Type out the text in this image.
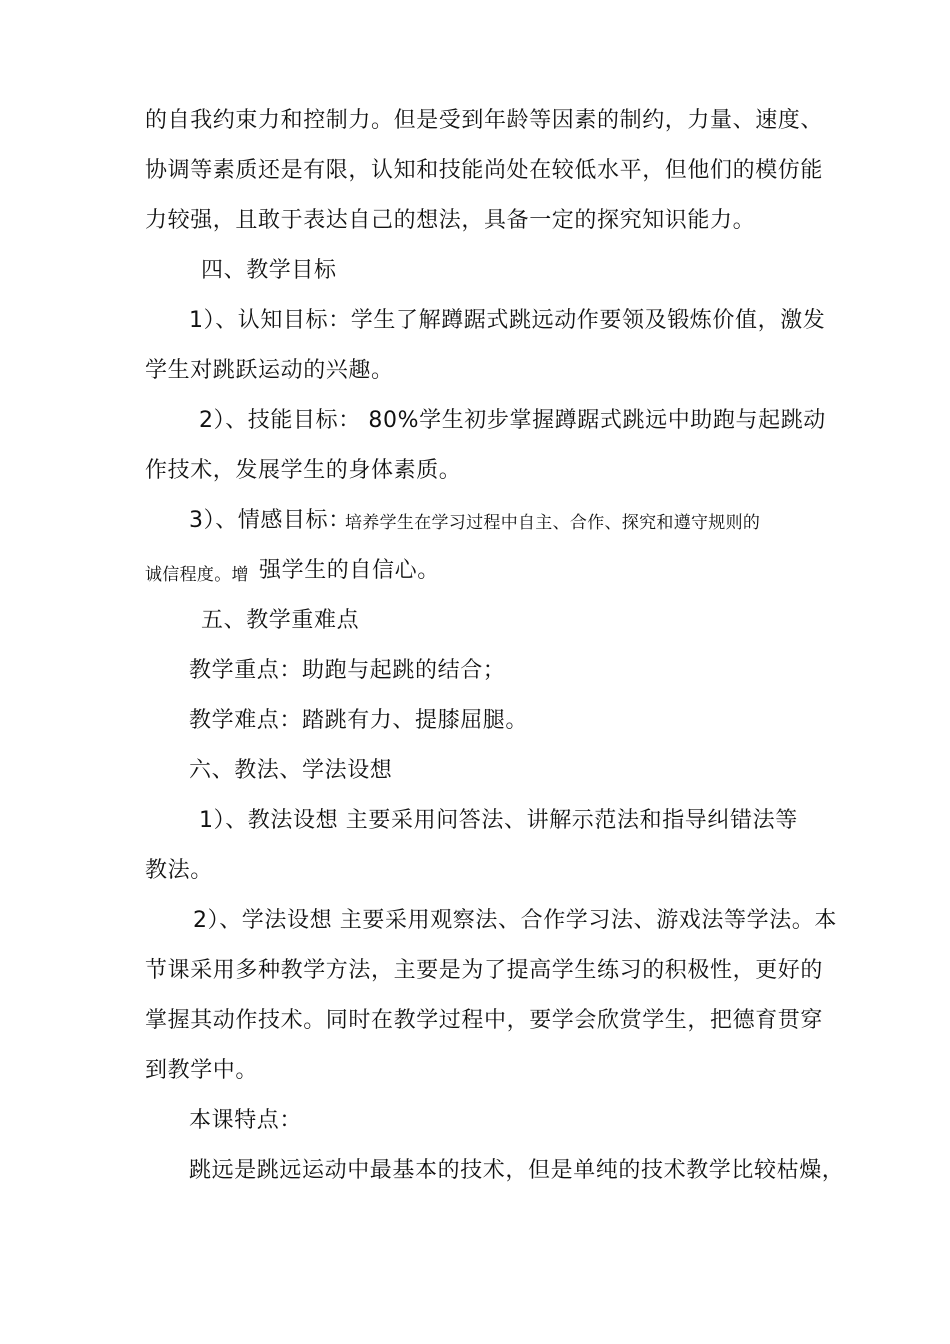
的自我约束力和控制力。但是受到年龄等因素的制约，力量、速度、
协调等素质还是有限，认知和技能尚处在较低水平，但他们的模仿能
力较强，且敢于表达自己的想法，具备一定的探究知识能力。
四、教学目标
1）、认知目标：学生了解蹲踞式跳远动作要领及锻炼价值，激发
学生对跳跃运动的兴趣。
2）、技能目标： 80%学生初步掌握蹲踞式跳远中助跑与起跳动
作技术，发展学生的身体素质。
3）、情感目标：
培养学生在学习过程中自主、合作、探究和遵守规则的
诚信程度。增 强学生的自信心。
五、教学重难点
教学重点：助跑与起跳的结合；
教学难点：踏跳有力、提膝屈腿。
六、教法、学法设想
1）、教法设想 主要采用问答法、讲解示范法和指导纠错法等
教法。
2）、学法设想 主要采用观察法、合作学习法、游戏法等学法。本
节课采用多种教学方法，主要是为了提高学生练习的积极性，更好的
掌握其动作技术。同时在教学过程中，要学会欣赏学生，把德育贯穿
到教学中。
本课特点：
跳远是跳远运动中最基本的技术，但是单纯的技术教学比较枯燥，
